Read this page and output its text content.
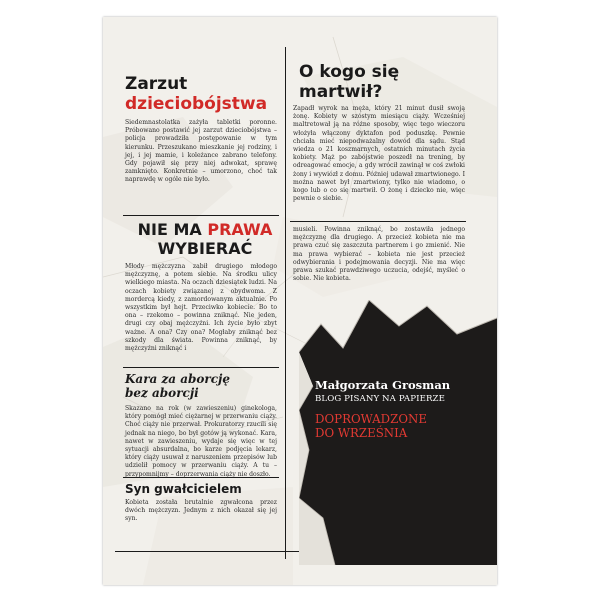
Zarzut
dzieciobójstwa
Siedemnastolatka zażyła tabletki poronne. Próbowano postawić jej zarzut dzieciobójstwa – policja prowadziła postępowanie w tym kierunku. Przeszukano mieszkanie jej rodziny, i jej, i jej mamie, i koleżance zabrano telefony. Gdy pojawił się przy niej adwokat, sprawę zamknięto. Konkretnie – umorzono, choć tak naprawdę w ogóle nie było.
NIE MA PRAWA
WYBIERAĆ
Młody mężczyzna zabił drugiego młodego mężczyznę, a potem siebie. Na środku ulicy wielkiego miasta. Na oczach dziesiątek ludzi. Na oczach kobiety związanej z obydwoma. Z mordercą kiedy, z zamordowanym aktualnie. Po wszystkim był hejt. Przeciwko kobiecie. Bo to ona – rzekomo – powinna zniknąć. Nie jeden, drugi czy obaj mężczyźni. Ich życie było zbyt ważne. A ona? Czy ona? Mogłaby zniknąć bez szkody dla świata. Powinna zniknąć, by mężczyźni zniknąć i
Kara za aborcję
bez aborcji
Skazano na rok (w zawieszeniu) ginekologa, który pomógł mieć ciężarnej w przerwaniu ciąży. Choć ciąży nie przerwał. Prokuratorzy rzucili się jednak na niego, bo był gotów ją wykonać. Kara, nawet w zawieszeniu, wydaje się więc w tej sytuacji absurdalna, bo karze podjęcia lekarz, który ciąży usuwał z naruszeniem przepisów lub udzielił pomocy w przerwaniu ciąży. A tu – przypomnijmy – doprzerwania ciąży nie doszło.
Syn gwałcicielem
Kobieta została brutalnie zgwałcona przez dwóch mężczyzn. Jednym z nich okazał się jej syn.
O kogo się
martwił?
Zapadł wyrok na męża, który 21 minut dusił swoją żonę. Kobiety w szóstym miesiącu ciąży. Wcześniej maltretował ją na różne sposoby, więc tego wieczoru włożyła włączony dyktafon pod poduszkę. Pewnie chciała mieć niepodważalny dowód dla sądu. Stąd wiedza o 21 koszmarnych, ostatnich minutach życia kobiety. Mąż po zabójstwie poszedł na trening, by odreagować emocje, a gdy wrócił zawinął w coś zwłoki żony i wywiózł z domu. Później udawał zmartwionego. I można nawet był zmartwiony, tylko nie wiadomo, o kogo lub o co się martwił. O żonę i dziecko nie, więc pewnie o siebie.
musieli. Powinna zniknąć, bo zostawiła jednego mężczyznę dla drugiego. A przecież kobieta nie ma prawa czuć się zaszczuta partnerem i go zmienić. Nie ma prawa wybierać – kobieta nie jest przecież odwybierania i podejmowania decyzji. Nie ma więc prawa szukać prawdziwego uczucia, odejść, myśleć o sobie. Nie kobieta.
Małgorzata Grosman
BLOG PISANY NA PAPIERZE
DOPROWADZONE
DO WRZEŚNIA
